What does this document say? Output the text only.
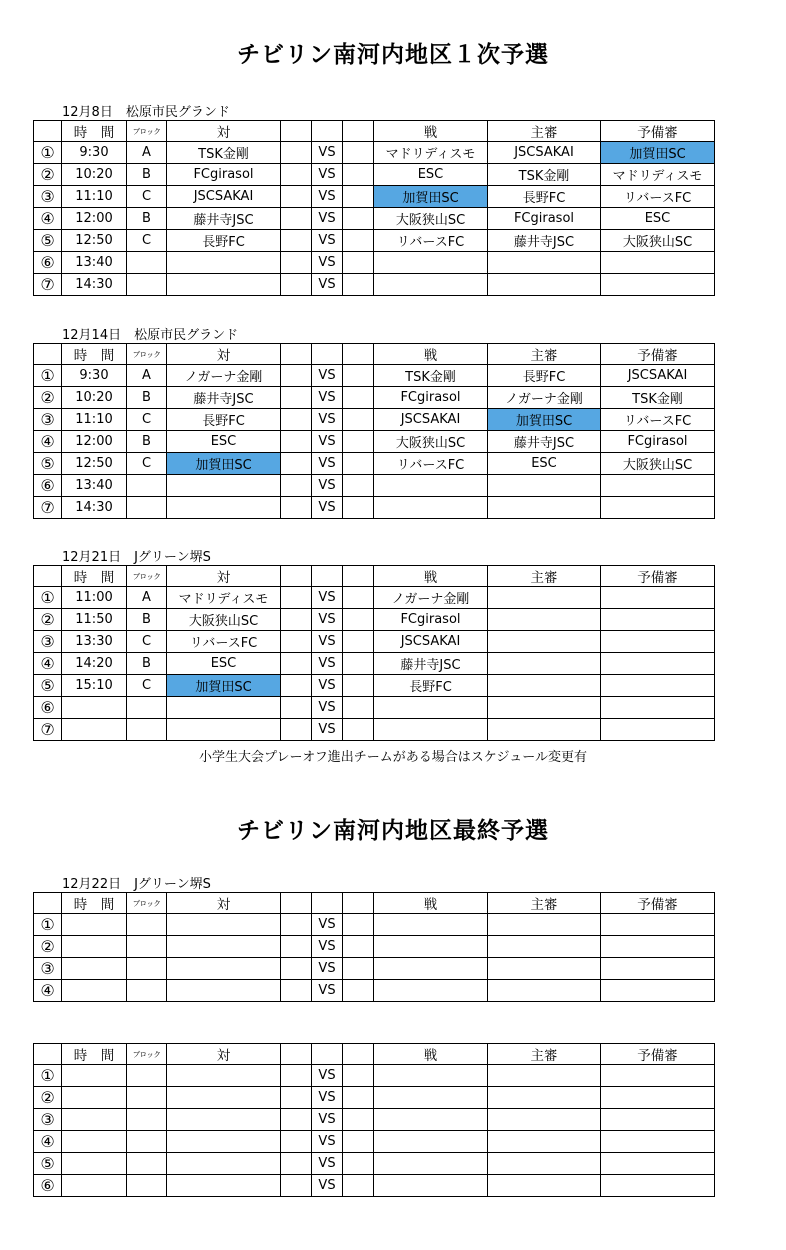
チビリン南河内地区１次予選
12月8日　松原市民グランド
	時　間	ブロック	対				戦	主審	予備審
①	9:30	A	TSK金剛		VS		マドリディスモ	JSCSAKAI	加賀田SC
②	10:20	B	FCgirasol		VS		ESC	TSK金剛	マドリディスモ
③	11:10	C	JSCSAKAI		VS		加賀田SC	長野FC	リバースFC
④	12:00	B	藤井寺JSC		VS		大阪狭山SC	FCgirasol	ESC
⑤	12:50	C	長野FC		VS		リバースFC	藤井寺JSC	大阪狭山SC
⑥	13:40				VS				
⑦	14:30				VS				
12月14日　松原市民グランド
	時　間	ブロック	対				戦	主審	予備審
①	9:30	A	ノガーナ金剛		VS		TSK金剛	長野FC	JSCSAKAI
②	10:20	B	藤井寺JSC		VS		FCgirasol	ノガーナ金剛	TSK金剛
③	11:10	C	長野FC		VS		JSCSAKAI	加賀田SC	リバースFC
④	12:00	B	ESC		VS		大阪狭山SC	藤井寺JSC	FCgirasol
⑤	12:50	C	加賀田SC		VS		リバースFC	ESC	大阪狭山SC
⑥	13:40				VS				
⑦	14:30				VS				
12月21日　Jグリーン堺S
	時　間	ブロック	対				戦	主審	予備審
①	11:00	A	マドリディスモ		VS		ノガーナ金剛		
②	11:50	B	大阪狭山SC		VS		FCgirasol		
③	13:30	C	リバースFC		VS		JSCSAKAI		
④	14:20	B	ESC		VS		藤井寺JSC		
⑤	15:10	C	加賀田SC		VS		長野FC		
⑥					VS				
⑦					VS				
小学生大会プレーオフ進出チームがある場合はスケジュール変更有
チビリン南河内地区最終予選
12月22日　Jグリーン堺S
	時　間	ブロック	対				戦	主審	予備審
①					VS				
②					VS				
③					VS				
④					VS				
	時　間	ブロック	対				戦	主審	予備審
①					VS				
②					VS				
③					VS				
④					VS				
⑤					VS				
⑥					VS				
